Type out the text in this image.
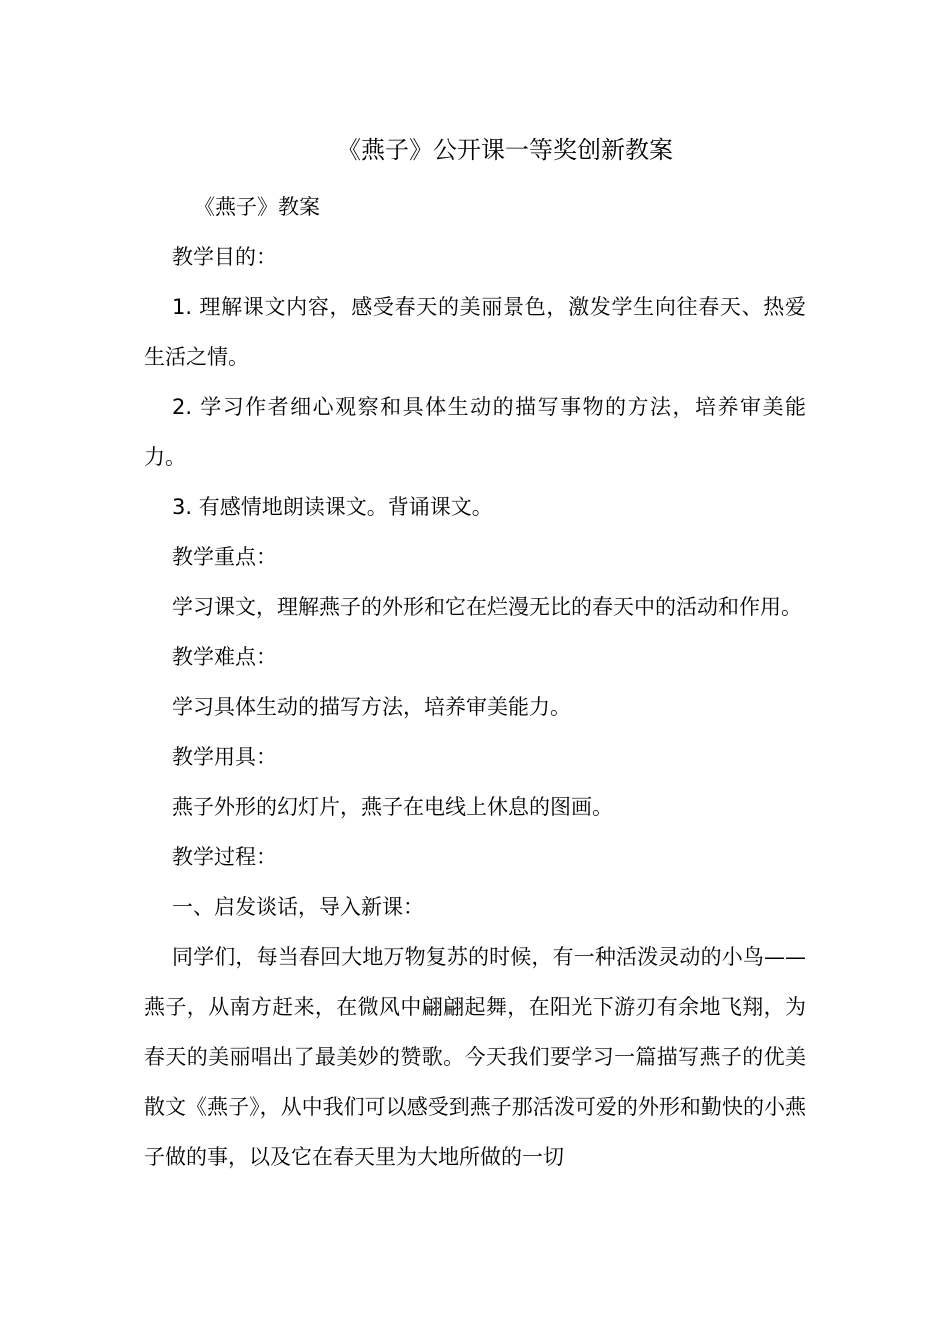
《燕子》公开课一等奖创新教案

《燕子》教案

教学目的：

1. 理解课文内容，感受春天的美丽景色，激发学生向往春天、热爱生活之情。

2. 学习作者细心观察和具体生动的描写事物的方法，培养审美能力。

3. 有感情地朗读课文。背诵课文。

教学重点：

学习课文，理解燕子的外形和它在烂漫无比的春天中的活动和作用。

教学难点：

学习具体生动的描写方法，培养审美能力。

教学用具：

燕子外形的幻灯片，燕子在电线上休息的图画。

教学过程：

一、启发谈话，导入新课：

同学们，每当春回大地万物复苏的时候，有一种活泼灵动的小鸟——燕子，从南方赶来，在微风中翩翩起舞，在阳光下游刃有余地飞翔，为春天的美丽唱出了最美妙的赞歌。今天我们要学习一篇描写燕子的优美散文《燕子》，从中我们可以感受到燕子那活泼可爱的外形和勤快的小燕子做的事，以及它在春天里为大地所做的一切
